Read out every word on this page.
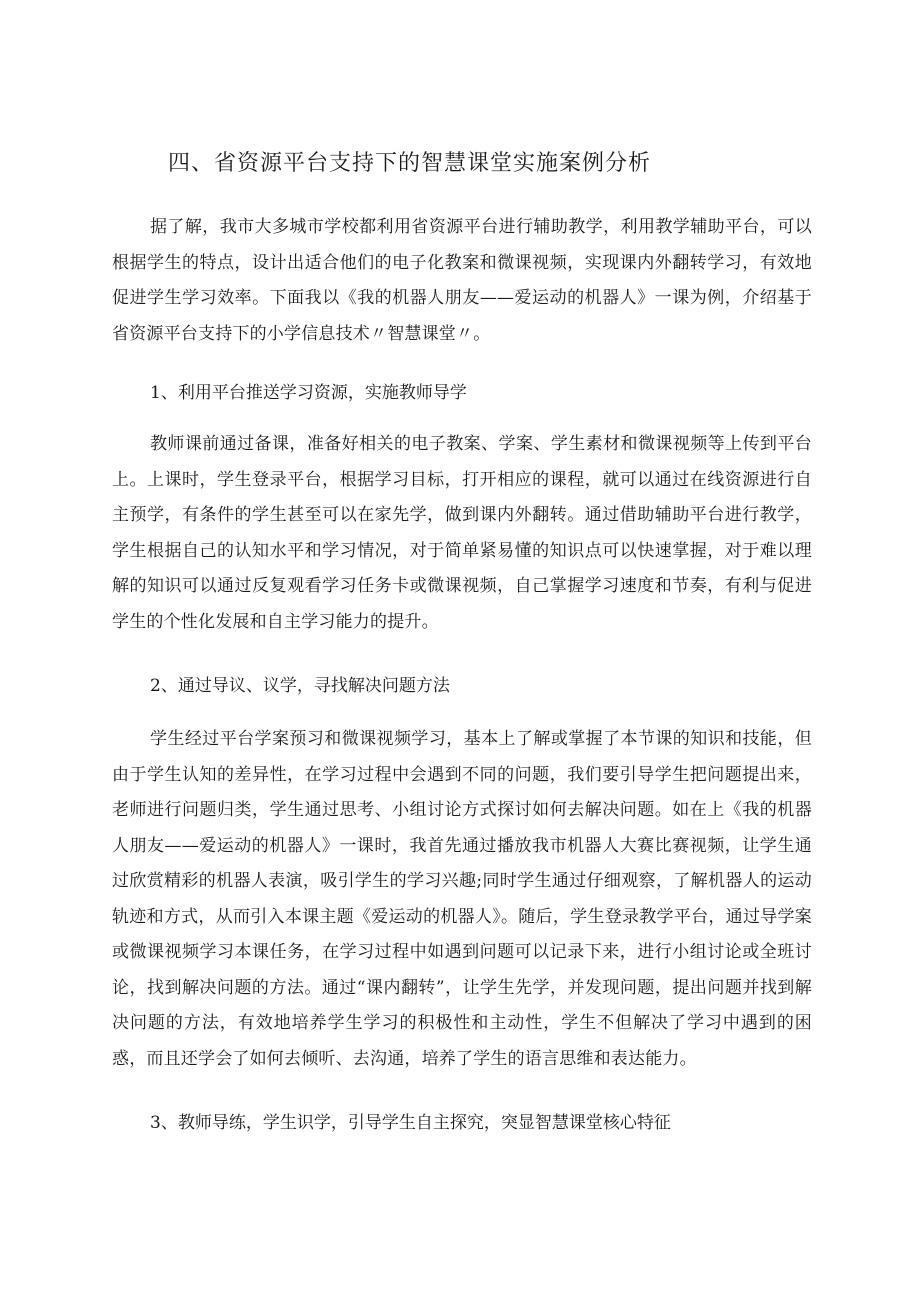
四、省资源平台支持下的智慧课堂实施案例分析

据了解，我市大多城市学校都利用省资源平台进行辅助教学，利用教学辅助平台，可以根据学生的特点，设计出适合他们的电子化教案和微课视频，实现课内外翻转学习，有效地促进学生学习效率。下面我以《我的机器人朋友——爱运动的机器人》一课为例，介绍基于省资源平台支持下的小学信息技术〃智慧课堂〃。

1、利用平台推送学习资源，实施教师导学

教师课前通过备课，准备好相关的电子教案、学案、学生素材和微课视频等上传到平台上。上课时，学生登录平台，根据学习目标，打开相应的课程，就可以通过在线资源进行自主预学，有条件的学生甚至可以在家先学，做到课内外翻转。通过借助辅助平台进行教学，学生根据自己的认知水平和学习情况，对于简单紧易懂的知识点可以快速掌握，对于难以理解的知识可以通过反复观看学习任务卡或微课视频，自己掌握学习速度和节奏，有利与促进学生的个性化发展和自主学习能力的提升。

2、通过导议、议学，寻找解决问题方法

学生经过平台学案预习和微课视频学习，基本上了解或掌握了本节课的知识和技能，但由于学生认知的差异性，在学习过程中会遇到不同的问题，我们要引导学生把问题提出来，老师进行问题归类，学生通过思考、小组讨论方式探讨如何去解决问题。如在上《我的机器人朋友——爱运动的机器人》一课时，我首先通过播放我市机器人大赛比赛视频，让学生通过欣赏精彩的机器人表演，吸引学生的学习兴趣;同时学生通过仔细观察，了解机器人的运动轨迹和方式，从而引入本课主题《爱运动的机器人》。随后，学生登录教学平台，通过导学案或微课视频学习本课任务，在学习过程中如遇到问题可以记录下来，进行小组讨论或全班讨论，找到解决问题的方法。通过“课内翻转”，让学生先学，并发现问题，提出问题并找到解决问题的方法，有效地培养学生学习的积极性和主动性，学生不但解决了学习中遇到的困惑，而且还学会了如何去倾听、去沟通，培养了学生的语言思维和表达能力。

3、教师导练，学生识学，引导学生自主探究，突显智慧课堂核心特征
